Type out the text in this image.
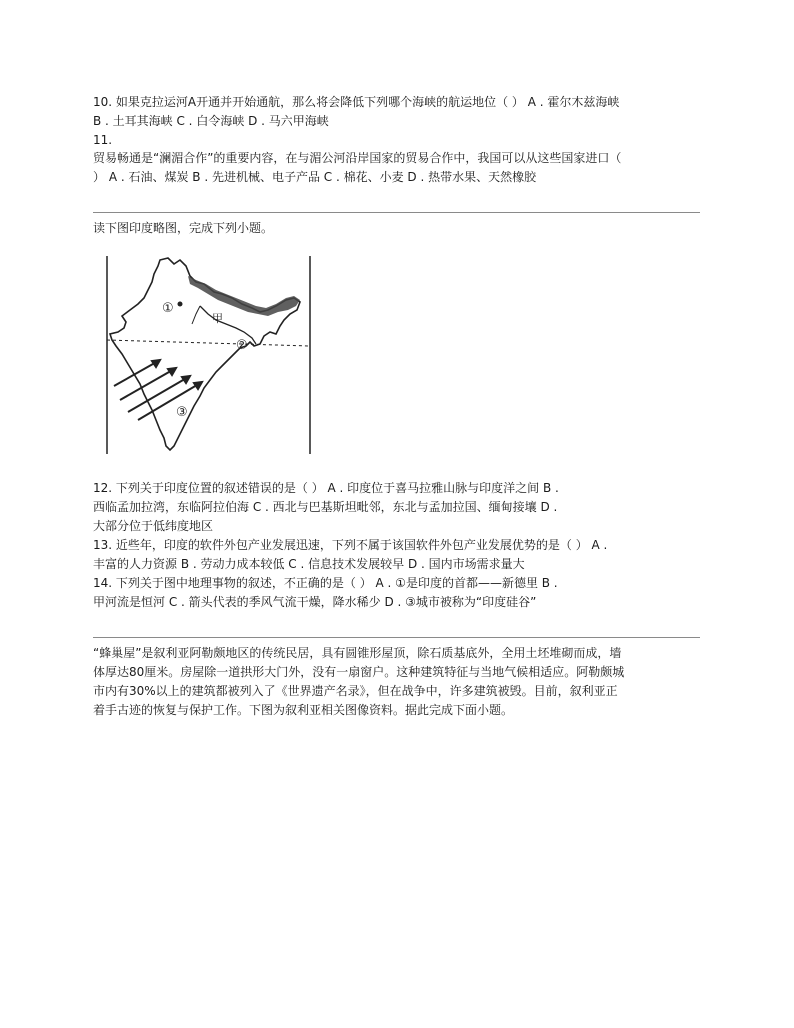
10. 如果克拉运河A开通并开始通航，那么将会降低下列哪个海峡的航运地位（ ） A . 霍尔木兹海峡
B . 土耳其海峡 C . 白令海峡 D . 马六甲海峡
11.
贸易畅通是“澜湄合作”的重要内容，在与湄公河沿岸国家的贸易合作中，我国可以从这些国家进口（
） A . 石油、煤炭 B . 先进机械、电子产品 C . 棉花、小麦 D . 热带水果、天然橡胶
读下图印度略图，完成下列小题。
①
甲
②
③
12. 下列关于印度位置的叙述错误的是（ ） A . 印度位于喜马拉雅山脉与印度洋之间 B .
西临孟加拉湾，东临阿拉伯海 C . 西北与巴基斯坦毗邻，东北与孟加拉国、缅甸接壤 D .
大部分位于低纬度地区
13. 近些年，印度的软件外包产业发展迅速，下列不属于该国软件外包产业发展优势的是（ ） A .
丰富的人力资源 B . 劳动力成本较低 C . 信息技术发展较早 D . 国内市场需求量大
14. 下列关于图中地理事物的叙述，不正确的是（ ） A . ①是印度的首都——新德里 B .
甲河流是恒河 C . 箭头代表的季风气流干燥，降水稀少 D . ③城市被称为“印度硅谷”
“蜂巢屋”是叙利亚阿勒颇地区的传统民居，具有圆锥形屋顶，除石质基底外，全用土坯堆砌而成，墙
体厚达80厘米。房屋除一道拱形大门外，没有一扇窗户。这种建筑特征与当地气候相适应。阿勒颇城
市内有30%以上的建筑都被列入了《世界遗产名录》，但在战争中，许多建筑被毁。目前，叙利亚正
着手古迹的恢复与保护工作。下图为叙利亚相关图像资料。据此完成下面小题。
